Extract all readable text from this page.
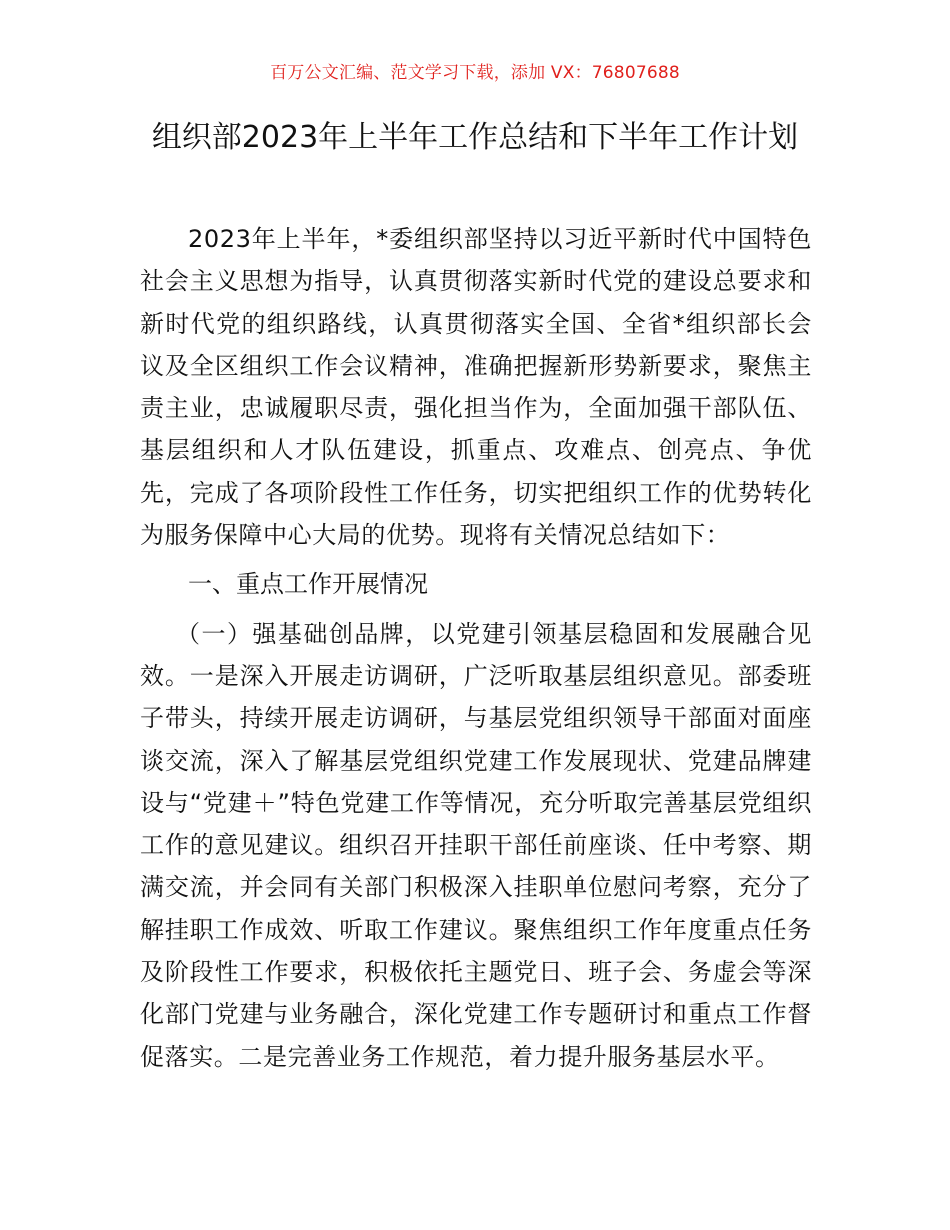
百万公文汇编、范文学习下载，添加 VX：76807688
组织部2023年上半年工作总结和下半年工作计划

2023年上半年，*委组织部坚持以习近平新时代中国特色社会主义思想为指导，认真贯彻落实新时代党的建设总要求和新时代党的组织路线，认真贯彻落实全国、全省*组织部长会议及全区组织工作会议精神，准确把握新形势新要求，聚焦主责主业，忠诚履职尽责，强化担当作为，全面加强干部队伍、基层组织和人才队伍建设，抓重点、攻难点、创亮点、争优先，完成了各项阶段性工作任务，切实把组织工作的优势转化为服务保障中心大局的优势。现将有关情况总结如下：

一、重点工作开展情况

（一）强基础创品牌，以党建引领基层稳固和发展融合见效。一是深入开展走访调研，广泛听取基层组织意见。部委班子带头，持续开展走访调研，与基层党组织领导干部面对面座谈交流，深入了解基层党组织党建工作发展现状、党建品牌建设与“党建＋”特色党建工作等情况，充分听取完善基层党组织工作的意见建议。组织召开挂职干部任前座谈、任中考察、期满交流，并会同有关部门积极深入挂职单位慰问考察，充分了解挂职工作成效、听取工作建议。聚焦组织工作年度重点任务及阶段性工作要求，积极依托主题党日、班子会、务虚会等深化部门党建与业务融合，深化党建工作专题研讨和重点工作督促落实。二是完善业务工作规范，着力提升服务基层水平。
